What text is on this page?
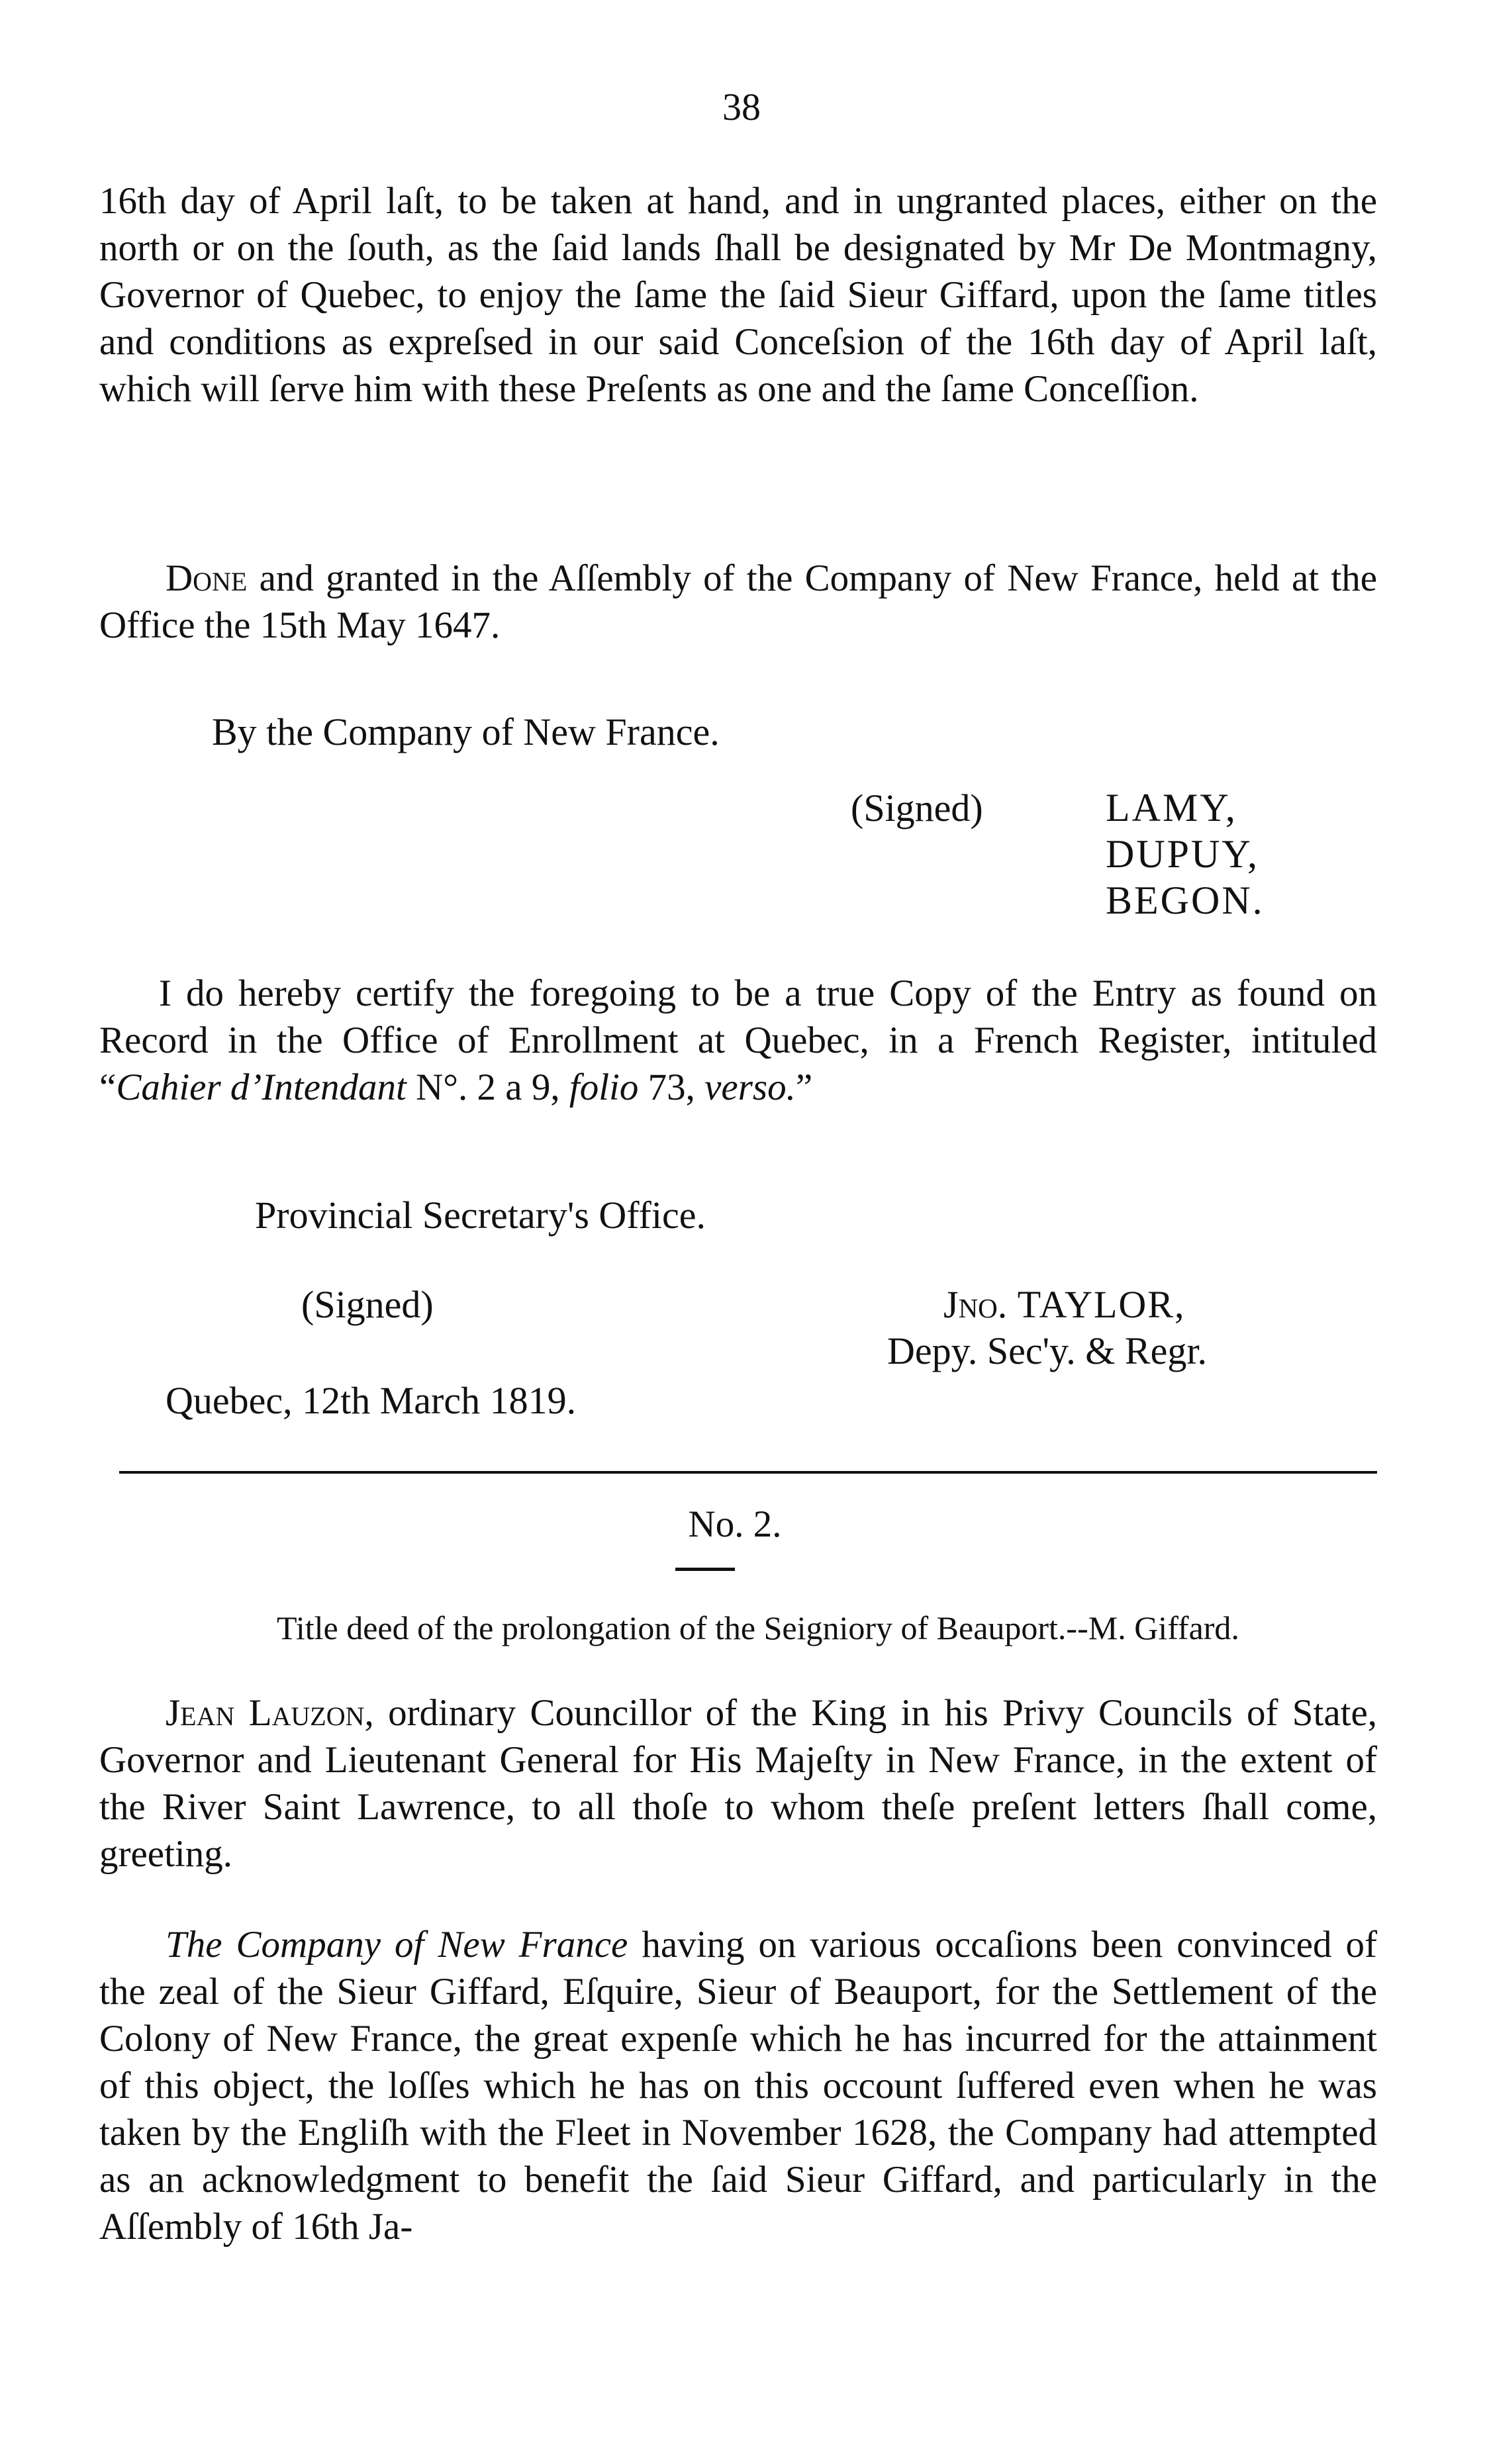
38

16th day of April laſt, to be taken at hand, and in ungranted places, either on the north or on the ſouth, as the ſaid lands ſhall be designated by Mr De Montmagny, Governor of Quebec, to enjoy the ſame the ſaid Sieur Giffard, upon the ſame titles and conditions as expreſsed in our said Conceſsion of the 16th day of April laſt, which will ſerve him with these Preſents as one and the ſame Conceſſion.

Done and granted in the Aſſembly of the Company of New France, held at the Office the 15th May 1647.

By the Company of New France.
(Signed)	LAMY,
DUPUY,
BEGON.

I do hereby certify the foregoing to be a true Copy of the Entry as found on Record in the Office of Enrollment at Quebec, in a French Register, intituled “Cahier d’Intendant N°. 2 a 9, folio 73, verso.”

Provincial Secretary's Office.
(Signed)	Jno. TAYLOR,
Depy. Sec'y. & Regr.
Quebec, 12th March 1819.
No. 2.
Title deed of the prolongation of the Seigniory of Beauport.--M. Giffard.

Jean Lauzon, ordinary Councillor of the King in his Privy Councils of State, Governor and Lieutenant General for His Majeſty in New France, in the extent of the River Saint Lawrence, to all thoſe to whom theſe preſent letters ſhall come, greeting.

The Company of New France having on various occaſions been convinced of the zeal of the Sieur Giffard, Eſquire, Sieur of Beauport, for the Settlement of the Colony of New France, the great expenſe which he has incurred for the attainment of this object, the loſſes which he has on this occount ſuffered even when he was taken by the Engliſh with the Fleet in November 1628, the Company had attempted as an acknowledgment to benefit the ſaid Sieur Giffard, and particularly in the Aſſembly of 16th Ja-
